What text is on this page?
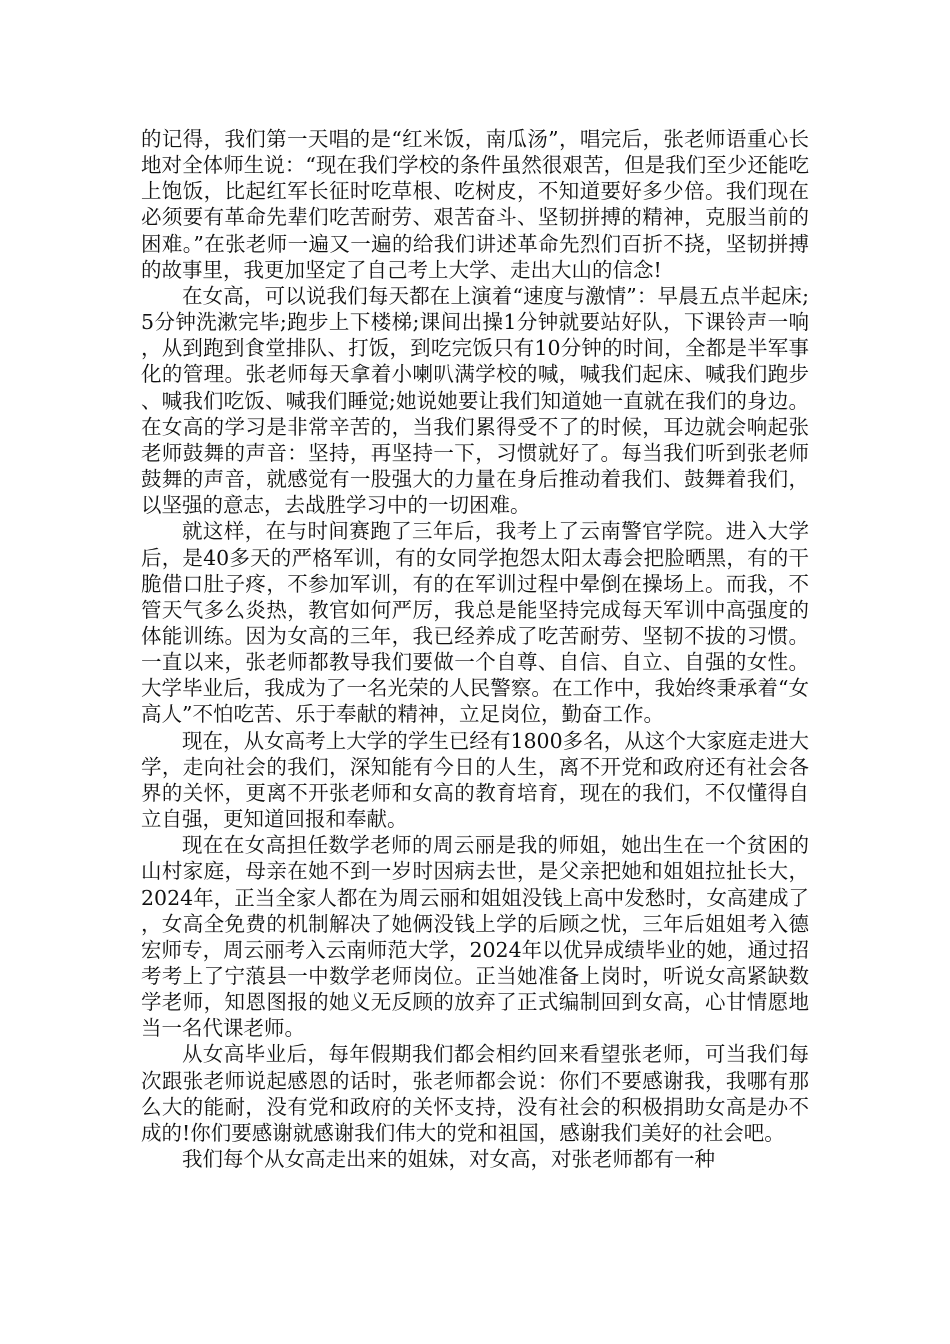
的记得，我们第一天唱的是“红米饭，南瓜汤”，唱完后，张老师语重心长地对全体师生说：“现在我们学校的条件虽然很艰苦，但是我们至少还能吃上饱饭，比起红军长征时吃草根、吃树皮，不知道要好多少倍。我们现在必须要有革命先辈们吃苦耐劳、艰苦奋斗、坚韧拼搏的精神，克服当前的困难。”在张老师一遍又一遍的给我们讲述革命先烈们百折不挠，坚韧拼搏的故事里，我更加坚定了自己考上大学、走出大山的信念!

在女高，可以说我们每天都在上演着“速度与激情”：早晨五点半起床;5分钟洗漱完毕;跑步上下楼梯;课间出操1分钟就要站好队，下课铃声一响，从到跑到食堂排队、打饭，到吃完饭只有10分钟的时间，全都是半军事化的管理。张老师每天拿着小喇叭满学校的喊，喊我们起床、喊我们跑步、喊我们吃饭、喊我们睡觉;她说她要让我们知道她一直就在我们的身边。在女高的学习是非常辛苦的，当我们累得受不了的时候，耳边就会响起张老师鼓舞的声音：坚持，再坚持一下，习惯就好了。每当我们听到张老师鼓舞的声音，就感觉有一股强大的力量在身后推动着我们、鼓舞着我们，以坚强的意志，去战胜学习中的一切困难。

就这样，在与时间赛跑了三年后，我考上了云南警官学院。进入大学后，是40多天的严格军训，有的女同学抱怨太阳太毒会把脸晒黑，有的干脆借口肚子疼，不参加军训，有的在军训过程中晕倒在操场上。而我，不管天气多么炎热，教官如何严厉，我总是能坚持完成每天军训中高强度的体能训练。因为女高的三年，我已经养成了吃苦耐劳、坚韧不拔的习惯。一直以来，张老师都教导我们要做一个自尊、自信、自立、自强的女性。大学毕业后，我成为了一名光荣的人民警察。在工作中，我始终秉承着“女高人”不怕吃苦、乐于奉献的精神，立足岗位，勤奋工作。

现在，从女高考上大学的学生已经有1800多名，从这个大家庭走进大学，走向社会的我们，深知能有今日的人生，离不开党和政府还有社会各界的关怀，更离不开张老师和女高的教育培育，现在的我们，不仅懂得自立自强，更知道回报和奉献。

现在在女高担任数学老师的周云丽是我的师姐，她出生在一个贫困的山村家庭，母亲在她不到一岁时因病去世，是父亲把她和姐姐拉扯长大，2024年，正当全家人都在为周云丽和姐姐没钱上高中发愁时，女高建成了，女高全免费的机制解决了她俩没钱上学的后顾之忧，三年后姐姐考入德宏师专，周云丽考入云南师范大学，2024年以优异成绩毕业的她，通过招考考上了宁蒗县一中数学老师岗位。正当她准备上岗时，听说女高紧缺数学老师，知恩图报的她义无反顾的放弃了正式编制回到女高，心甘情愿地当一名代课老师。

从女高毕业后，每年假期我们都会相约回来看望张老师，可当我们每次跟张老师说起感恩的话时，张老师都会说：你们不要感谢我，我哪有那么大的能耐，没有党和政府的关怀支持，没有社会的积极捐助女高是办不成的!你们要感谢就感谢我们伟大的党和祖国，感谢我们美好的社会吧。

我们每个从女高走出来的姐妹，对女高，对张老师都有一种
